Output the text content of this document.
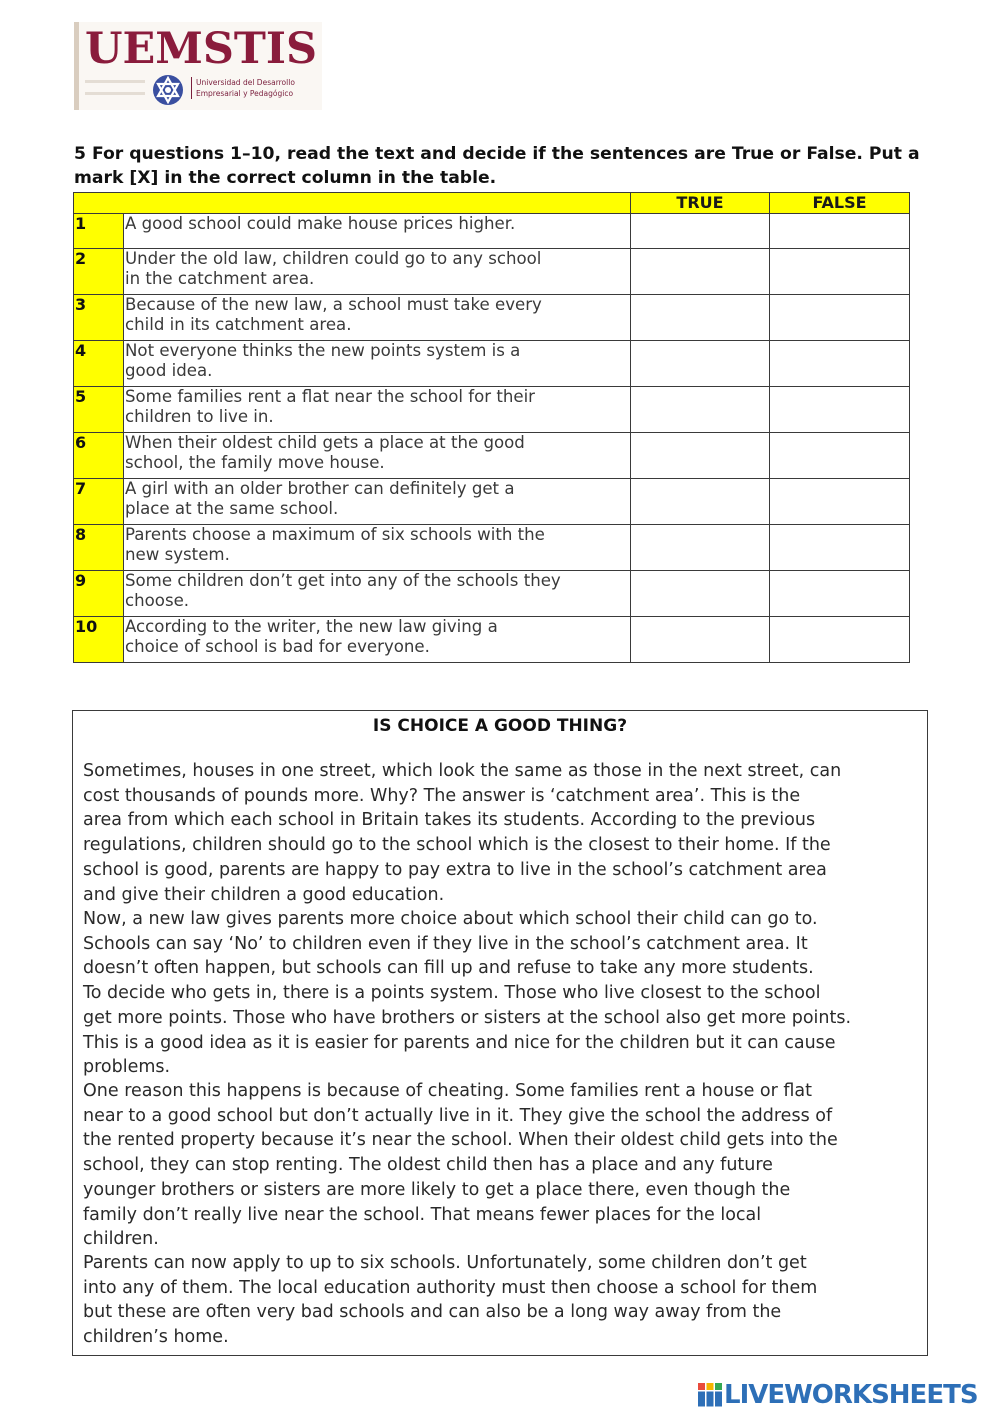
UEMSTIS
Universidad del Desarrollo
Empresarial y Pedagógico
5 For questions 1–10, read the text and decide if the sentences are True or False. Put a
mark [X] in the correct column in the table.
		TRUE	FALSE
1	A good school could make house prices higher.		

2	Under the old law, children could go to any school
in the catchment area.		

3	Because of the new law, a school must take every
child in its catchment area.		

4	Not everyone thinks the new points system is a
good idea.		

5	Some families rent a flat near the school for their
children to live in.		

6	When their oldest child gets a place at the good
school, the family move house.		

7	A girl with an older brother can definitely get a
place at the same school.		

8	Parents choose a maximum of six schools with the
new system.		

9	Some children don’t get into any of the schools they
choose.		

10	According to the writer, the new law giving a
choice of school is bad for everyone.		

IS CHOICE A GOOD THING?
Sometimes, houses in one street, which look the same as those in the next street, can
cost thousands of pounds more. Why? The answer is ‘catchment area’. This is the
area from which each school in Britain takes its students. According to the previous
regulations, children should go to the school which is the closest to their home. If the
school is good, parents are happy to pay extra to live in the school’s catchment area
and give their children a good education.
Now, a new law gives parents more choice about which school their child can go to.
Schools can say ‘No’ to children even if they live in the school’s catchment area. It
doesn’t often happen, but schools can fill up and refuse to take any more students.
To decide who gets in, there is a points system. Those who live closest to the school
get more points. Those who have brothers or sisters at the school also get more points.
This is a good idea as it is easier for parents and nice for the children but it can cause
problems.
One reason this happens is because of cheating. Some families rent a house or flat
near to a good school but don’t actually live in it. They give the school the address of
the rented property because it’s near the school. When their oldest child gets into the
school, they can stop renting. The oldest child then has a place and any future
younger brothers or sisters are more likely to get a place there, even though the
family don’t really live near the school. That means fewer places for the local
children.
Parents can now apply to up to six schools. Unfortunately, some children don’t get
into any of them. The local education authority must then choose a school for them
but these are often very bad schools and can also be a long way away from the
children’s home.
LIVEWORKSHEETS
